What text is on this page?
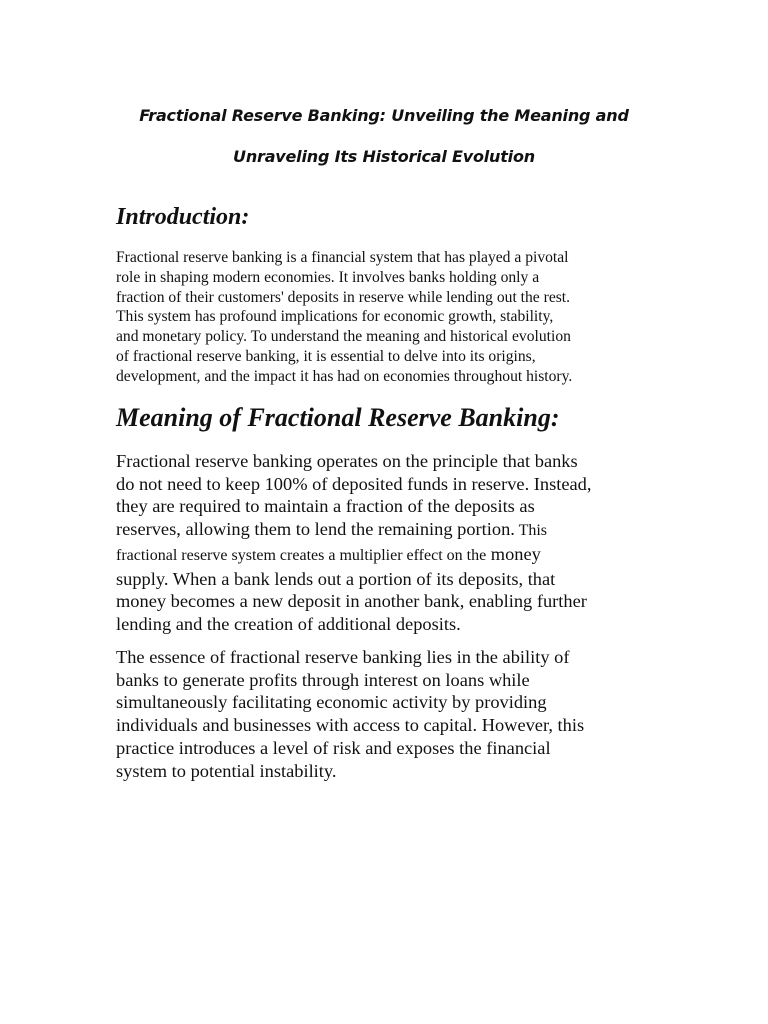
Fractional Reserve Banking: Unveiling the Meaning and
Unraveling Its Historical Evolution
Introduction:

Fractional reserve banking is a financial system that has played a pivotal
role in shaping modern economies. It involves banks holding only a
fraction of their customers' deposits in reserve while lending out the rest.
This system has profound implications for economic growth, stability,
and monetary policy. To understand the meaning and historical evolution
of fractional reserve banking, it is essential to delve into its origins,
development, and the impact it has had on economies throughout history.

Meaning of Fractional Reserve Banking:

Fractional reserve banking operates on the principle that banks
do not need to keep 100% of deposited funds in reserve. Instead,
they are required to maintain a fraction of the deposits as
reserves, allowing them to lend the remaining portion. This
fractional reserve system creates a multiplier effect on the money
supply. When a bank lends out a portion of its deposits, that
money becomes a new deposit in another bank, enabling further
lending and the creation of additional deposits.

The essence of fractional reserve banking lies in the ability of
banks to generate profits through interest on loans while
simultaneously facilitating economic activity by providing
individuals and businesses with access to capital. However, this
practice introduces a level of risk and exposes the financial
system to potential instability.
